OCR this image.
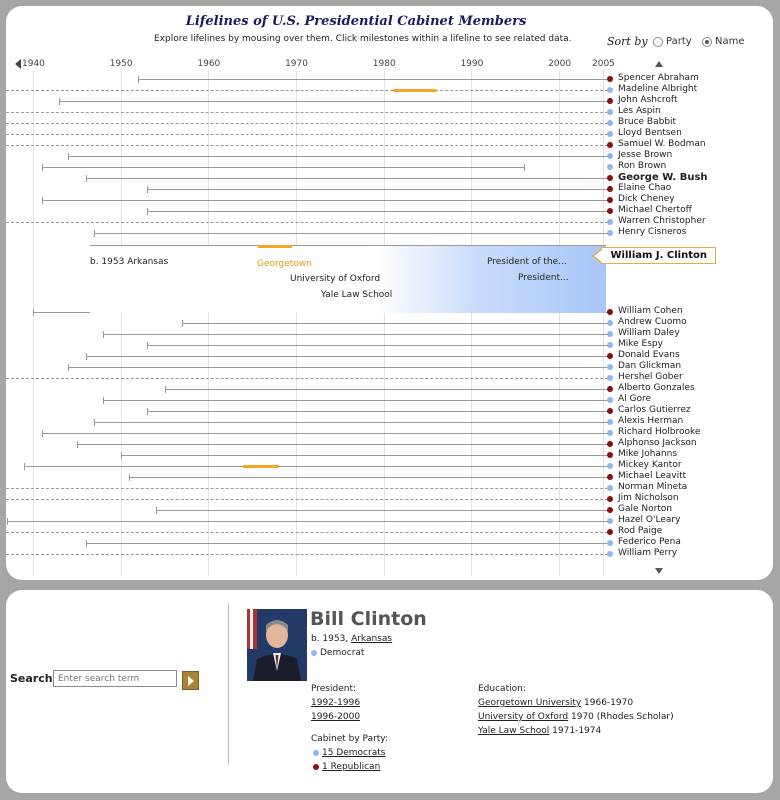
Lifelines of U.S. Presidential Cabinet Members
Explore lifelines by mousing over them. Click milestones within a lifeline to see related data.	Sort by Party Name
1940	1950	1960	1970	1980	1990	2000 2005
Spencer Abraham
Madeline Albright
John Ashcroft
Les Aspin
Bruce Babbit
Lloyd Bentsen
Samuel W. Bodman
Jesse Brown
Ron Brown
George W. Bush
Elaine Chao
Dick Cheney
Michael Chertoff
Warren Christopher
Henry Cisneros
William Cohen
Andrew Cuomo
William Daley
Mike Espy
Donald Evans
Dan Glickman
Hershel Gober
Alberto Gonzales
Al Gore
Carlos Gutierrez
Alexis Herman
Richard Holbrooke
Alphonso Jackson
Mike Johanns
Mickey Kantor
Michael Leavitt
Norman Mineta
Jim Nicholson
Gale Norton
Hazel O'Leary
Rod Paige
Federico Pena
William Perry
b. 1953 Arkansas	Georgetown
University of Oxford
Yale Law School
President of the...
President...
William J. Clinton
Search
Enter search term
Bill Clinton
b. 1953, Arkansas
Democrat
President:
1992-1996
1996-2000
Cabinet by Party:
15 Democrats
1 Republican
Education:
Georgetown University 1966-1970
University of Oxford 1970 (Rhodes Scholar)
Yale Law School 1971-1974
